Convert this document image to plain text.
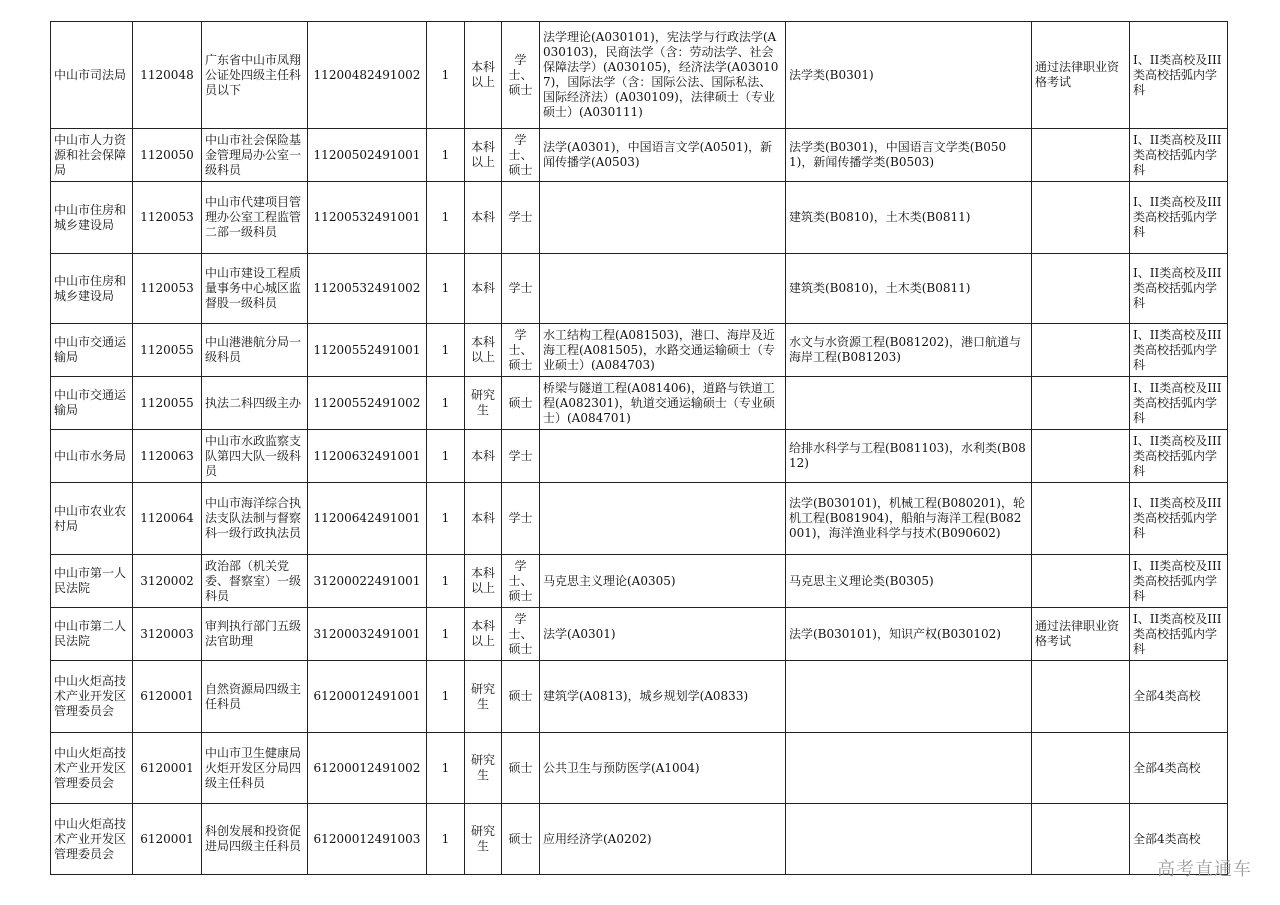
中山市司法局	1120048	广东省中山市凤翔公证处四级主任科员以下	11200482491002	1	本科以上	学士、硕士	法学理论(A030101)，宪法学与行政法学(A030103)，民商法学（含：劳动法学、社会保障法学）(A030105)，经济法学(A030107)，国际法学（含：国际公法、国际私法、国际经济法）(A030109)，法律硕士（专业硕士）(A030111)	法学类(B0301)	通过法律职业资格考试	I、II类高校及III类高校括弧内学科
中山市人力资源和社会保障局	1120050	中山市社会保险基金管理局办公室一级科员	11200502491001	1	本科以上	学士、硕士	法学(A0301)，中国语言文学(A0501)，新闻传播学(A0503)	法学类(B0301)，中国语言文学类(B0501)，新闻传播学类(B0503)		I、II类高校及III类高校括弧内学科
中山市住房和城乡建设局	1120053	中山市代建项目管理办公室工程监管二部一级科员	11200532491001	1	本科	学士		建筑类(B0810)，土木类(B0811)		I、II类高校及III类高校括弧内学科
中山市住房和城乡建设局	1120053	中山市建设工程质量事务中心城区监督股一级科员	11200532491002	1	本科	学士		建筑类(B0810)，土木类(B0811)		I、II类高校及III类高校括弧内学科
中山市交通运输局	1120055	中山港港航分局一级科员	11200552491001	1	本科以上	学士、硕士	水工结构工程(A081503)，港口、海岸及近海工程(A081505)，水路交通运输硕士（专业硕士）(A084703)	水文与水资源工程(B081202)，港口航道与海岸工程(B081203)		I、II类高校及III类高校括弧内学科
中山市交通运输局	1120055	执法二科四级主办	11200552491002	1	研究生	硕士	桥梁与隧道工程(A081406)，道路与铁道工程(A082301)，轨道交通运输硕士（专业硕士）(A084701)			I、II类高校及III类高校括弧内学科
中山市水务局	1120063	中山市水政监察支队第四大队一级科员	11200632491001	1	本科	学士		给排水科学与工程(B081103)，水利类(B0812)		I、II类高校及III类高校括弧内学科
中山市农业农村局	1120064	中山市海洋综合执法支队法制与督察科一级行政执法员	11200642491001	1	本科	学士		法学(B030101)，机械工程(B080201)，轮机工程(B081904)，船舶与海洋工程(B082001)，海洋渔业科学与技术(B090602)		I、II类高校及III类高校括弧内学科
中山市第一人民法院	3120002	政治部（机关党委、督察室）一级科员	31200022491001	1	本科以上	学士、硕士	马克思主义理论(A0305)	马克思主义理论类(B0305)		I、II类高校及III类高校括弧内学科
中山市第二人民法院	3120003	审判执行部门五级法官助理	31200032491001	1	本科以上	学士、硕士	法学(A0301)	法学(B030101)，知识产权(B030102)	通过法律职业资格考试	I、II类高校及III类高校括弧内学科
中山火炬高技术产业开发区管理委员会	6120001	自然资源局四级主任科员	61200012491001	1	研究生	硕士	建筑学(A0813)，城乡规划学(A0833)			全部4类高校
中山火炬高技术产业开发区管理委员会	6120001	中山市卫生健康局火炬开发区分局四级主任科员	61200012491002	1	研究生	硕士	公共卫生与预防医学(A1004)			全部4类高校
中山火炬高技术产业开发区管理委员会	6120001	科创发展和投资促进局四级主任科员	61200012491003	1	研究生	硕士	应用经济学(A0202)			全部4类高校
高考直通车
